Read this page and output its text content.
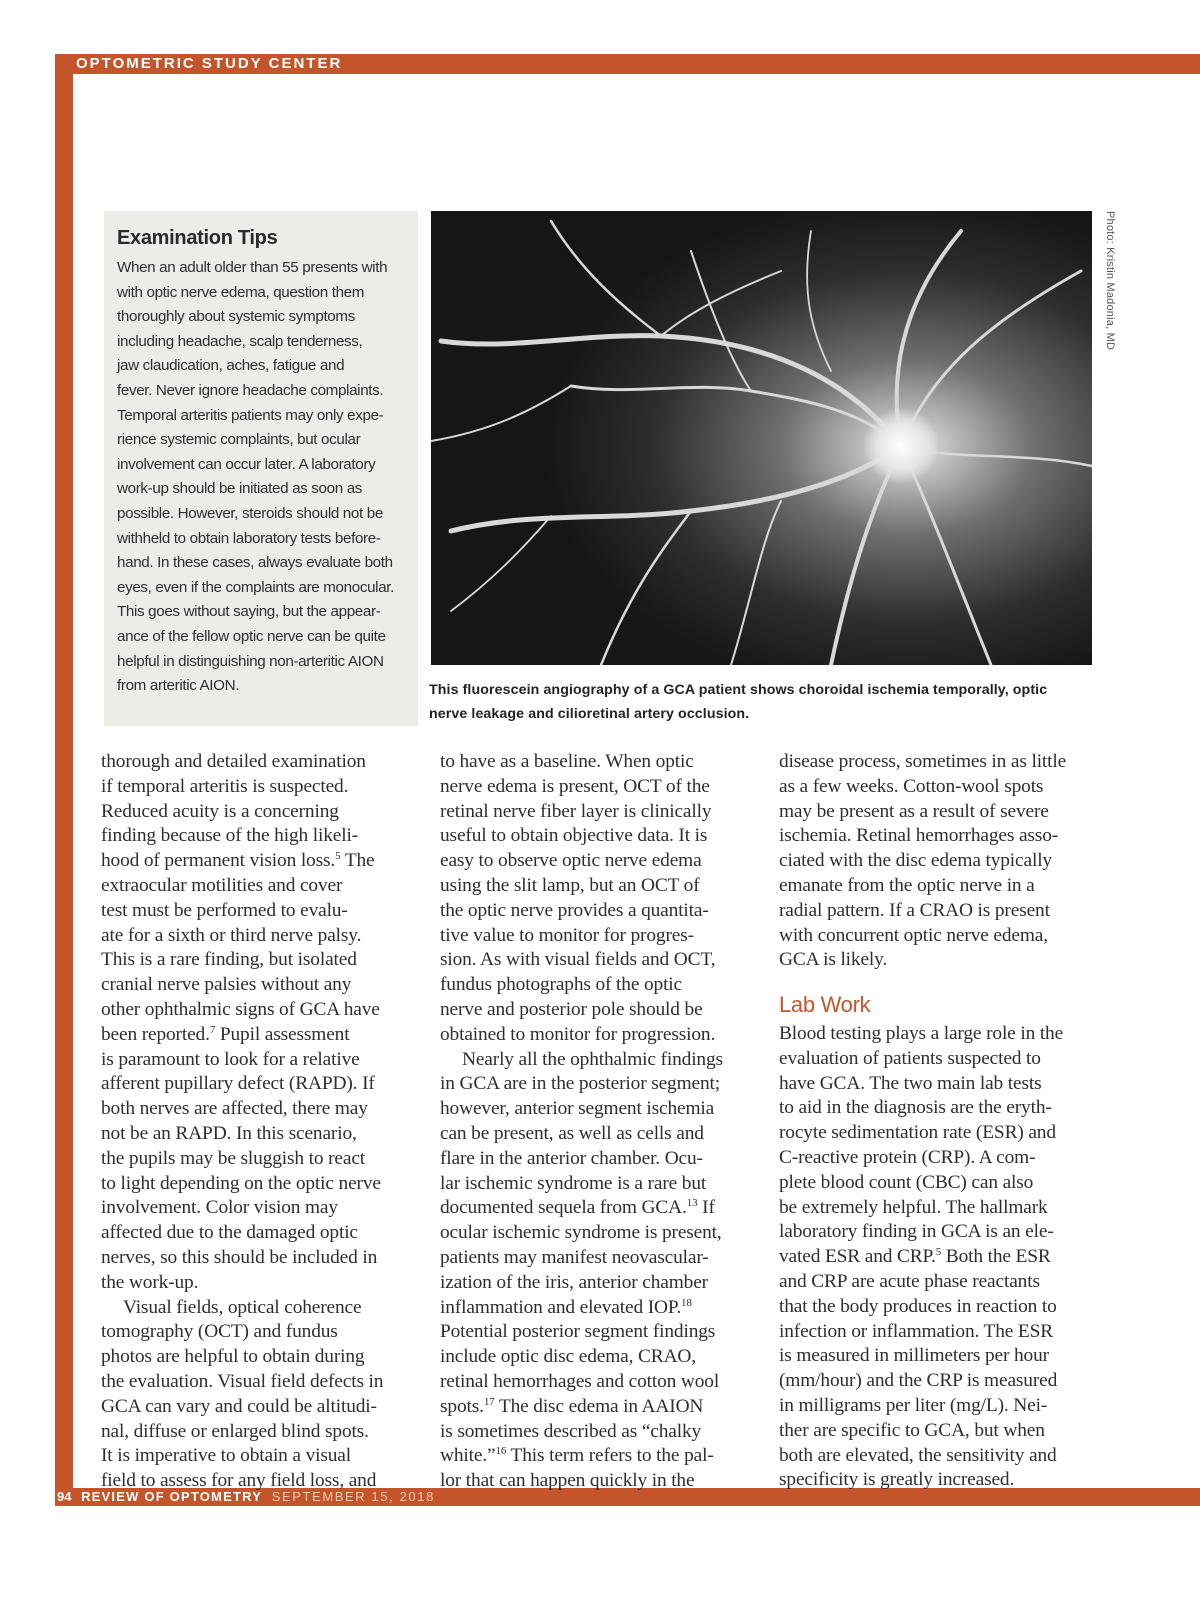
OPTOMETRIC STUDY CENTER
Examination Tips
When an adult older than 55 presents with
with optic nerve edema, question them
thoroughly about systemic symptoms
including headache, scalp tenderness,
jaw claudication, aches, fatigue and
fever. Never ignore headache complaints.
Temporal arteritis patients may only expe-
rience systemic complaints, but ocular
involvement can occur later. A laboratory
work-up should be initiated as soon as
possible. However, steroids should not be
withheld to obtain laboratory tests before-
hand. In these cases, always evaluate both
eyes, even if the complaints are monocular.
This goes without saying, but the appear-
ance of the fellow optic nerve can be quite
helpful in distinguishing non-arteritic AION
from arteritic AION.
Photo: Kristin Madonia, MD
This fluorescein angiography of a GCA patient shows choroidal ischemia temporally, optic
nerve leakage and cilioretinal artery occlusion.

thorough and detailed examination
if temporal arteritis is suspected.
Reduced acuity is a concerning
finding because of the high likeli-
hood of permanent vision loss.$^5$ The
extraocular motilities and cover
test must be performed to evalu-
ate for a sixth or third nerve palsy.
This is a rare finding, but isolated
cranial nerve palsies without any
other ophthalmic signs of GCA have
been reported.$^7$ Pupil assessment
is paramount to look for a relative
afferent pupillary defect (RAPD). If
both nerves are affected, there may
not be an RAPD. In this scenario,
the pupils may be sluggish to react
to light depending on the optic nerve
involvement. Color vision may
affected due to the damaged optic
nerves, so this should be included in
the work-up.

Visual fields, optical coherence
tomography (OCT) and fundus
photos are helpful to obtain during
the evaluation. Visual field defects in
GCA can vary and could be altitudi-
nal, diffuse or enlarged blind spots.
It is imperative to obtain a visual
field to assess for any field loss, and

to have as a baseline. When optic
nerve edema is present, OCT of the
retinal nerve fiber layer is clinically
useful to obtain objective data. It is
easy to observe optic nerve edema
using the slit lamp, but an OCT of
the optic nerve provides a quantita-
tive value to monitor for progres-
sion. As with visual fields and OCT,
fundus photographs of the optic
nerve and posterior pole should be
obtained to monitor for progression.

Nearly all the ophthalmic findings
in GCA are in the posterior segment;
however, anterior segment ischemia
can be present, as well as cells and
flare in the anterior chamber. Ocu-
lar ischemic syndrome is a rare but
documented sequela from GCA.$^{13}$ If
ocular ischemic syndrome is present,
patients may manifest neovascular-
ization of the iris, anterior chamber
inflammation and elevated IOP.$^{18}$
Potential posterior segment findings
include optic disc edema, CRAO,
retinal hemorrhages and cotton wool
spots.$^{17}$ The disc edema in AAION
is sometimes described as “chalky
white.”$^{16}$ This term refers to the pal-
lor that can happen quickly in the

disease process, sometimes in as little
as a few weeks. Cotton-wool spots
may be present as a result of severe
ischemia. Retinal hemorrhages asso-
ciated with the disc edema typically
emanate from the optic nerve in a
radial pattern. If a CRAO is present
with concurrent optic nerve edema,
GCA is likely.

Lab Work

Blood testing plays a large role in the
evaluation of patients suspected to
have GCA. The two main lab tests
to aid in the diagnosis are the eryth-
rocyte sedimentation rate (ESR) and
C-reactive protein (CRP). A com-
plete blood count (CBC) can also
be extremely helpful. The hallmark
laboratory finding in GCA is an ele-
vated ESR and CRP.$^5$ Both the ESR
and CRP are acute phase reactants
that the body produces in reaction to
infection or inflammation. The ESR
is measured in millimeters per hour
(mm/hour) and the CRP is measured
in milligrams per liter (mg/L). Nei-
ther are specific to GCA, but when
both are elevated, the sensitivity and
specificity is greatly increased.

94 REVIEW OF OPTOMETRY SEPTEMBER 15, 2018
